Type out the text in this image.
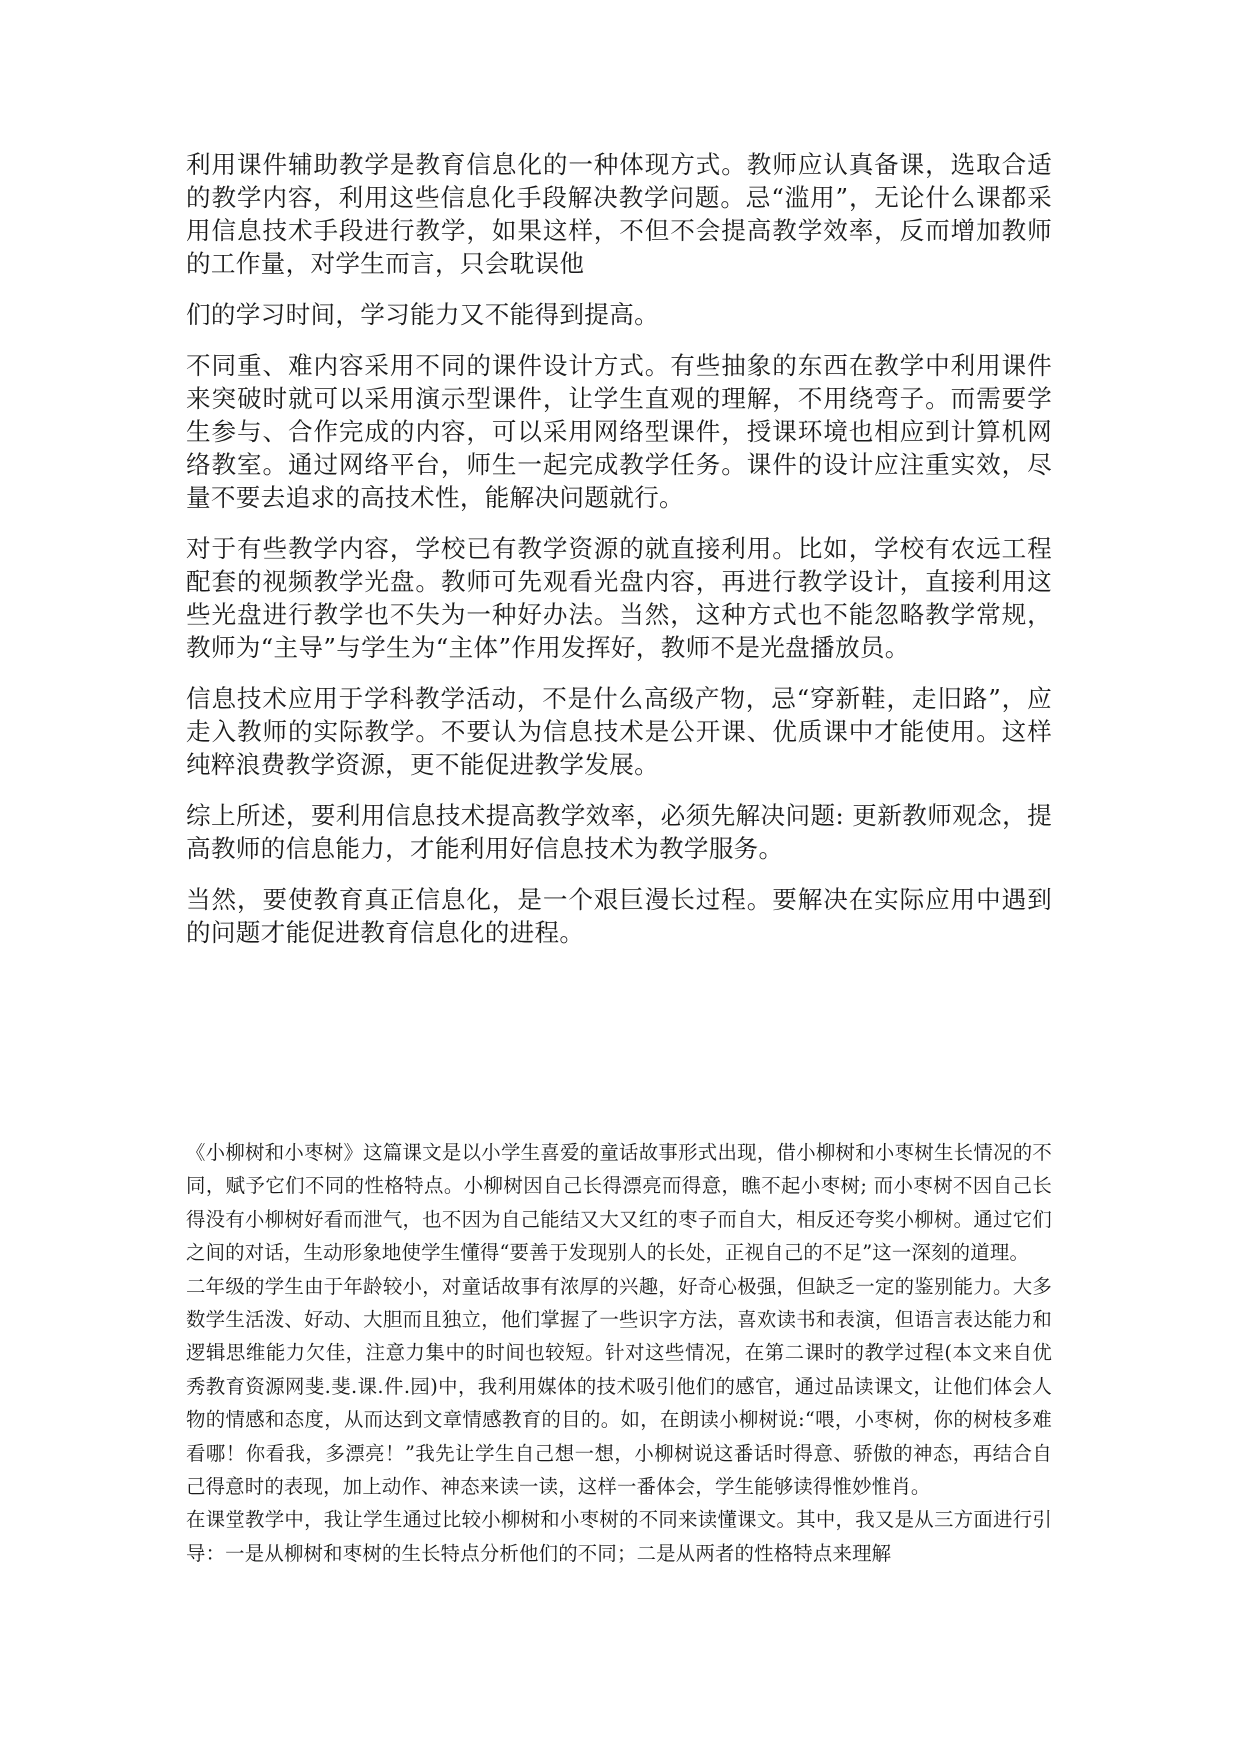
利用课件辅助教学是教育信息化的一种体现方式。教师应认真备课，选取合适的教学内容，利用这些信息化手段解决教学问题。忌“滥用”，无论什么课都采用信息技术手段进行教学，如果这样，不但不会提高教学效率，反而增加教师的工作量，对学生而言，只会耽误他

们的学习时间，学习能力又不能得到提高。

不同重、难内容采用不同的课件设计方式。有些抽象的东西在教学中利用课件来突破时就可以采用演示型课件，让学生直观的理解，不用绕弯子。而需要学生参与、合作完成的内容，可以采用网络型课件，授课环境也相应到计算机网络教室。通过网络平台，师生一起完成教学任务。课件的设计应注重实效，尽量不要去追求的高技术性，能解决问题就行。

对于有些教学内容，学校已有教学资源的就直接利用。比如，学校有农远工程配套的视频教学光盘。教师可先观看光盘内容，再进行教学设计，直接利用这些光盘进行教学也不失为一种好办法。当然，这种方式也不能忽略教学常规，教师为“主导”与学生为“主体”作用发挥好，教师不是光盘播放员。

信息技术应用于学科教学活动，不是什么高级产物，忌“穿新鞋，走旧路”，应走入教师的实际教学。不要认为信息技术是公开课、优质课中才能使用。这样纯粹浪费教学资源，更不能促进教学发展。

综上所述，要利用信息技术提高教学效率，必须先解决问题: 更新教师观念，提高教师的信息能力，才能利用好信息技术为教学服务。

当然，要使教育真正信息化，是一个艰巨漫长过程。要解决在实际应用中遇到的问题才能促进教育信息化的进程。

《小柳树和小枣树》这篇课文是以小学生喜爱的童话故事形式出现，借小柳树和小枣树生长情况的不同，赋予它们不同的性格特点。小柳树因自己长得漂亮而得意，瞧不起小枣树; 而小枣树不因自己长得没有小柳树好看而泄气，也不因为自己能结又大又红的枣子而自大，相反还夸奖小柳树。通过它们之间的对话，生动形象地使学生懂得“要善于发现别人的长处，正视自己的不足”这一深刻的道理。

二年级的学生由于年龄较小，对童话故事有浓厚的兴趣，好奇心极强，但缺乏一定的鉴别能力。大多数学生活泼、好动、大胆而且独立，他们掌握了一些识字方法，喜欢读书和表演，但语言表达能力和逻辑思维能力欠佳，注意力集中的时间也较短。针对这些情况，在第二课时的教学过程(本文来自优秀教育资源网斐.斐.课.件.园)中，我利用媒体的技术吸引他们的感官，通过品读课文，让他们体会人物的情感和态度，从而达到文章情感教育的目的。如，在朗读小柳树说:“喂，小枣树，你的树枝多难看哪！你看我，多漂亮！”我先让学生自己想一想，小柳树说这番话时得意、骄傲的神态，再结合自己得意时的表现，加上动作、神态来读一读，这样一番体会，学生能够读得惟妙惟肖。

在课堂教学中，我让学生通过比较小柳树和小枣树的不同来读懂课文。其中，我又是从三方面进行引导：一是从柳树和枣树的生长特点分析他们的不同；二是从两者的性格特点来理解
